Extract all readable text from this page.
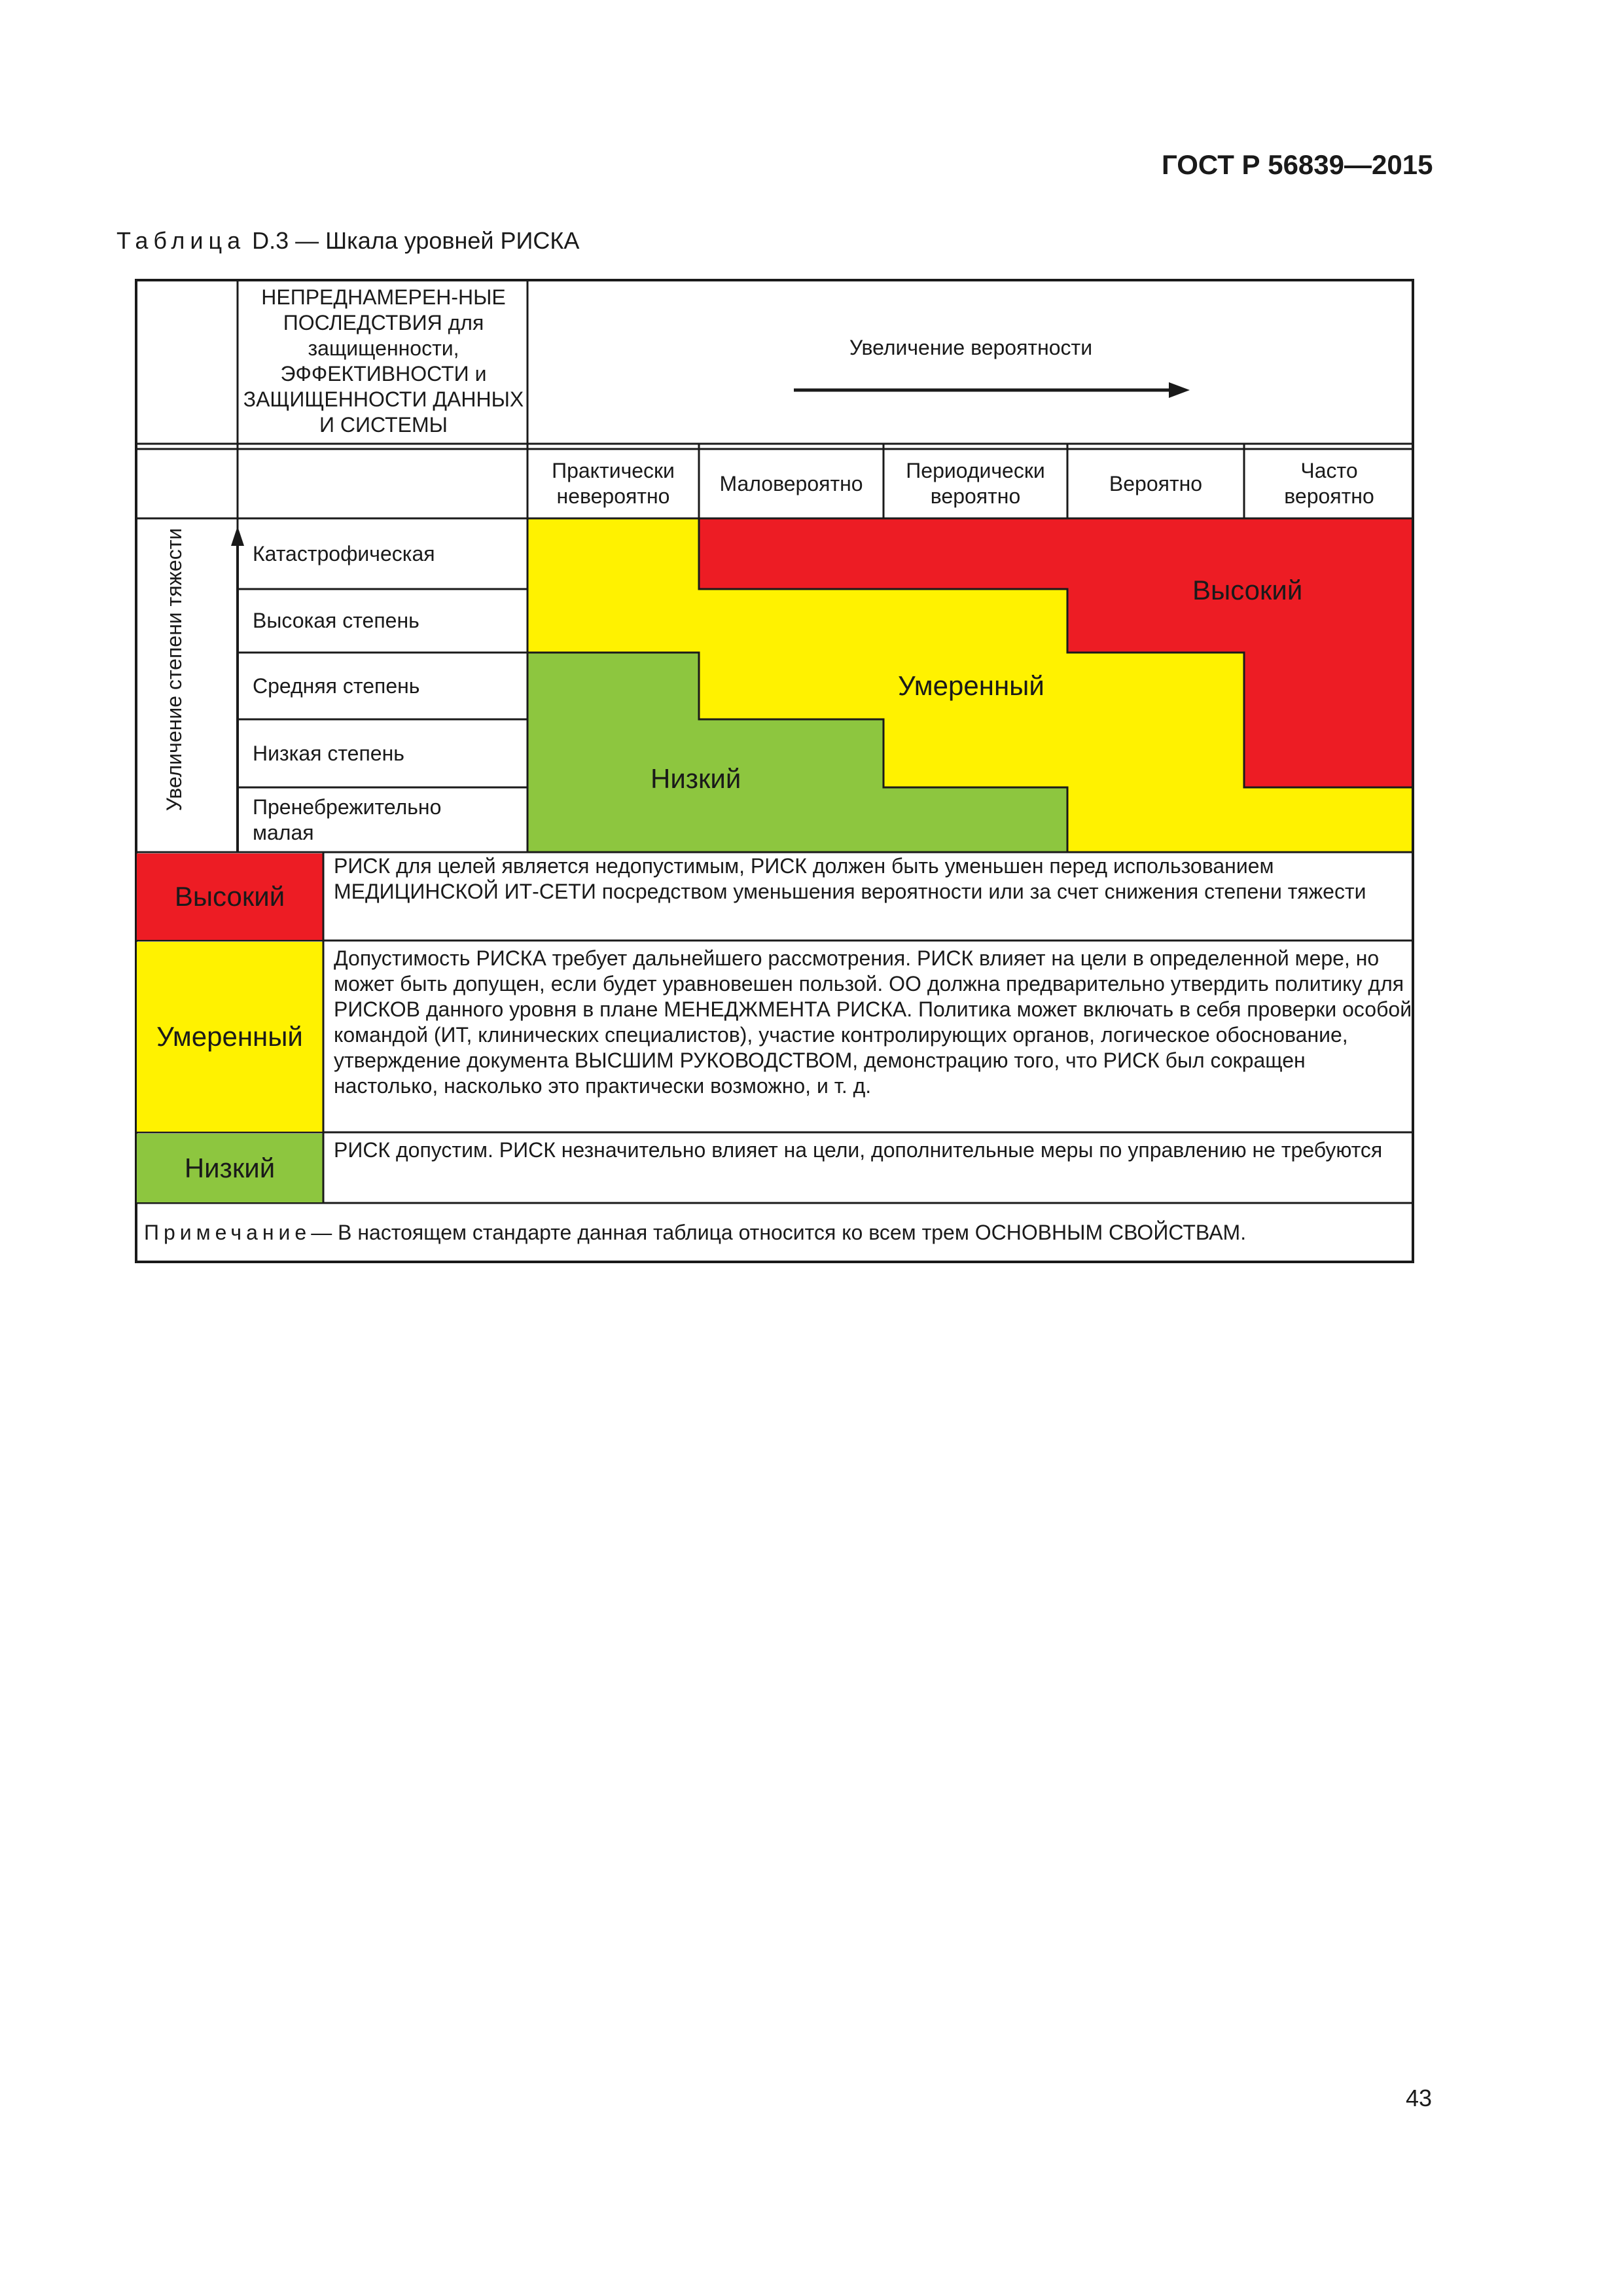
ГОСТ Р 56839—2015
Таблица D.3 — Шкала уровней РИСКА
НЕПРЕДНАМЕРЕН-НЫЕ ПОСЛЕДСТВИЯ для защищенности, ЭФФЕКТИВНОСТИ и ЗАЩИЩЕННОСТИ ДАННЫХ И СИСТЕМЫ
Увеличение вероятности
Практически невероятно
Маловероятно
Периодически вероятно
Вероятно
Часто вероятно
Увеличение степени тяжести	Катастрофическая
Высокая степень
Средняя степень
Низкая степень
Пренебрежительно малая
Высокий
Умеренный
Низкий
Высокий
Умеренный
Низкий
РИСК для целей является недопустимым, РИСК должен быть уменьшен перед использованием МЕДИЦИНСКОЙ ИТ-СЕТИ посредством уменьшения вероятности или за счет снижения степени тяжести
Допустимость РИСКА требует дальнейшего рассмотрения. РИСК влияет на цели в определенной мере, но может быть допущен, если будет уравновешен пользой. ОО должна предварительно утвердить политику для РИСКОВ данного уровня в плане МЕНЕДЖМЕНТА РИСКА. Политика может включать в себя проверки особой командой (ИТ, клинических специалистов), участие контролирующих органов, логическое обоснование, утверждение документа ВЫСШИМ РУКОВОДСТВОМ, демонстрацию того, что РИСК был сокращен настолько, насколько это практически возможно, и т. д.
РИСК допустим. РИСК незначительно влияет на цели, дополнительные меры по управлению не требуются
Примечание — В настоящем стандарте данная таблица относится ко всем трем ОСНОВНЫМ СВОЙСТВАМ.
43
